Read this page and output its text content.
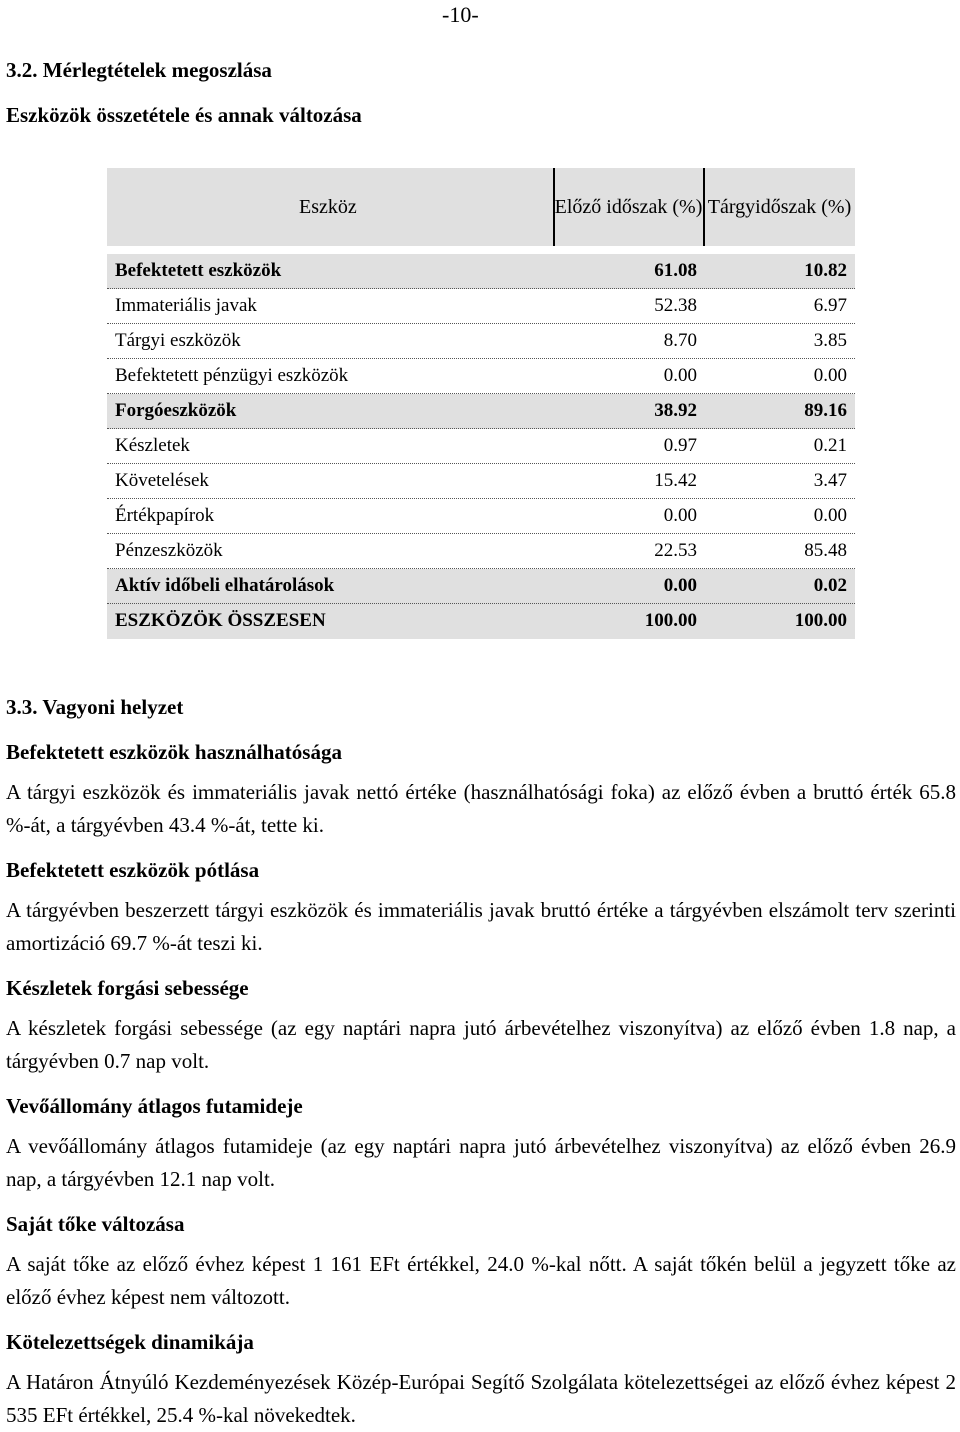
-10-
3.2. Mérlegtételek megoszlása
Eszközök összetétele és annak változása
Eszköz	Előző időszak (%) Tárgyidőszak (%)
Befektetett eszközök	61.08	10.82
Immateriális javak	52.38	6.97
Tárgyi eszközök	8.70	3.85
Befektetett pénzügyi eszközök	0.00	0.00
Forgóeszközök	38.92	89.16
Készletek	0.97	0.21
Követelések	15.42	3.47
Értékpapírok	0.00	0.00
Pénzeszközök	22.53	85.48
Aktív időbeli elhatárolások	0.00	0.02
ESZKÖZÖK ÖSSZESEN	100.00	100.00
3.3. Vagyoni helyzet
Befektetett eszközök használhatósága
A tárgyi eszközök és immateriális javak nettó értéke (használhatósági foka) az előző évben a bruttó érték 65.8 %-át, a tárgyévben 43.4 %-át, tette ki.
Befektetett eszközök pótlása
A tárgyévben beszerzett tárgyi eszközök és immateriális javak bruttó értéke a tárgyévben elszámolt terv szerinti amortizáció 69.7 %-át teszi ki.
Készletek forgási sebessége
A készletek forgási sebessége (az egy naptári napra jutó árbevételhez viszonyítva) az előző évben 1.8 nap, a tárgyévben 0.7 nap volt.
Vevőállomány átlagos futamideje
A vevőállomány átlagos futamideje (az egy naptári napra jutó árbevételhez viszonyítva) az előző évben 26.9 nap, a tárgyévben 12.1 nap volt.
Saját tőke változása
A saját tőke az előző évhez képest 1 161 EFt értékkel, 24.0 %-kal nőtt. A saját tőkén belül a jegyzett tőke az előző évhez képest nem változott.
Kötelezettségek dinamikája
A Határon Átnyúló Kezdeményezések Közép-Európai Segítő Szolgálata kötelezettségei az előző évhez képest 2 535 EFt értékkel, 25.4 %-kal növekedtek.
